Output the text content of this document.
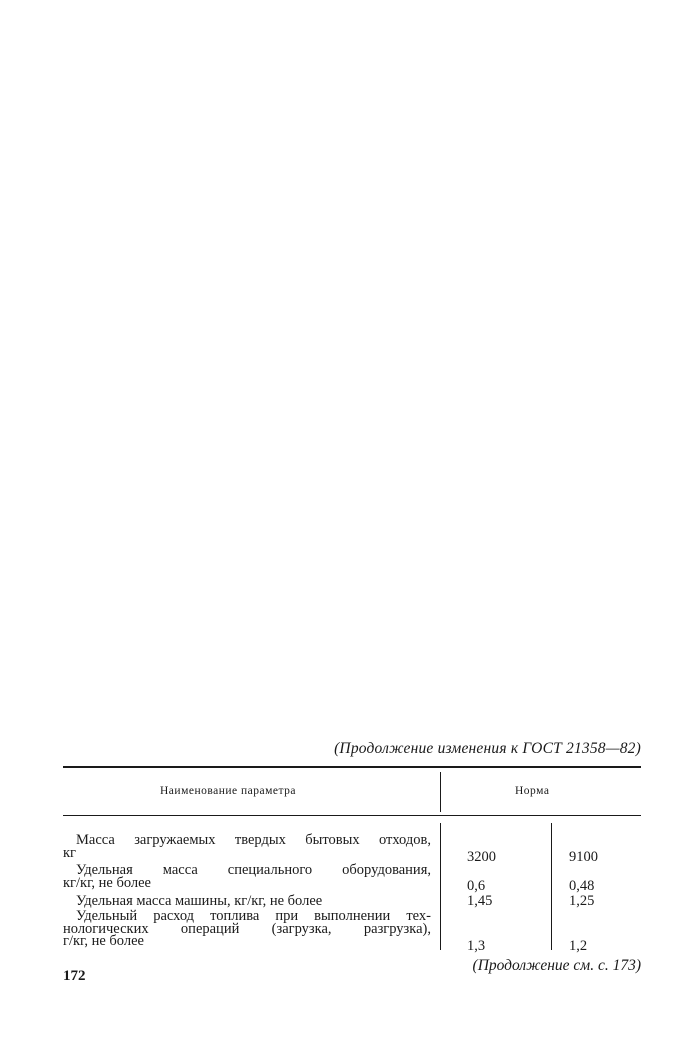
(Продолжение изменения к ГОСТ 21358—82)
Наименование параметра	Норма
Масса загружаемых твердых бытовых отходов,
кг	3200	9100
Удельная масса специального оборудования,
кг/кг, не более	0,6	0,48
Удельная масса машины, кг/кг, не более	1,45	1,25
Удельный расход топлива при выполнении тех-
нологических операций (загрузка, разгрузка),
г/кг, не более	1,3	1,2
(Продолжение см. с. 173)
172
